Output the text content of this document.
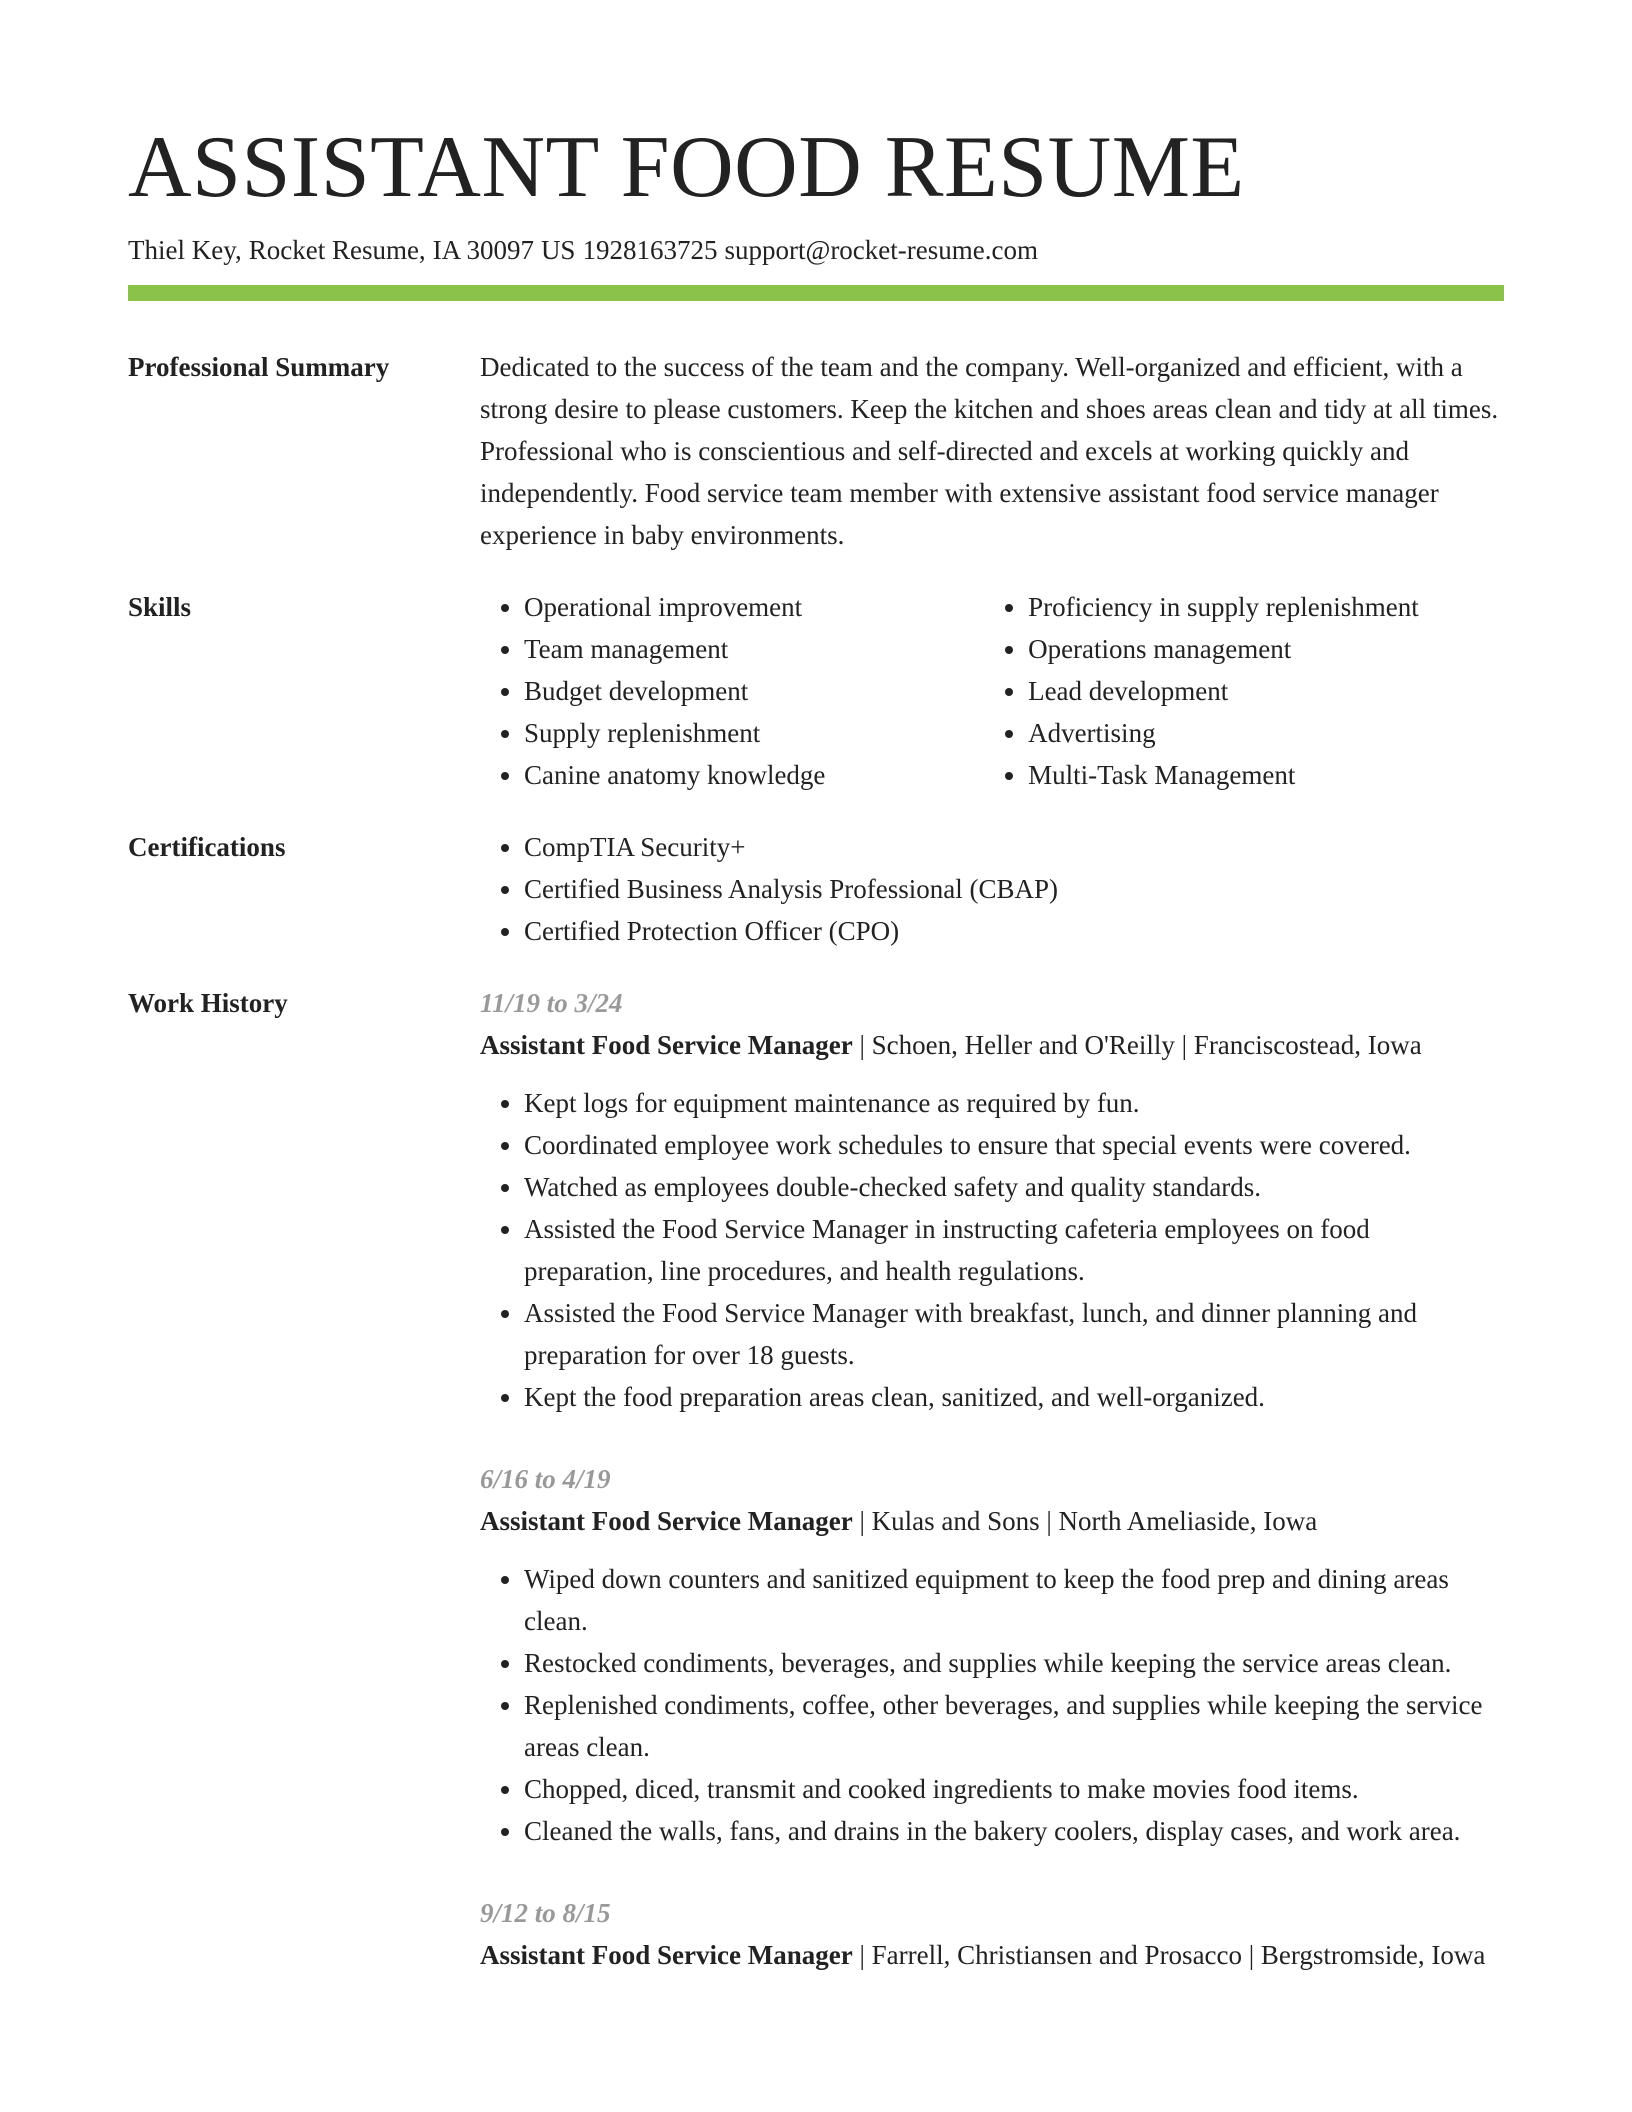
ASSISTANT FOOD RESUME
Thiel Key, Rocket Resume, IA 30097 US 1928163725 support@rocket-resume.com
Professional Summary	Dedicated to the success of the team and the company. Well-organized and efficient, with a strong desire to please customers. Keep the kitchen and shoes areas clean and tidy at all times. Professional who is conscientious and self-directed and excels at working quickly and independently. Food service team member with extensive assistant food service manager experience in baby environments.

Skills	• Operational improvement
• Team management
• Budget development
• Supply replenishment
• Canine anatomy knowledge
• Proficiency in supply replenishment
• Operations management
• Lead development
• Advertising
• Multi-Task Management
Certifications	• CompTIA Security+
• Certified Business Analysis Professional (CBAP)
• Certified Protection Officer (CPO)
Work History	11/19 to 3/24
Assistant Food Service Manager | Schoen, Heller and O'Reilly | Franciscostead, Iowa
• Kept logs for equipment maintenance as required by fun.
• Coordinated employee work schedules to ensure that special events were covered.
• Watched as employees double-checked safety and quality standards.
• Assisted the Food Service Manager in instructing cafeteria employees on food preparation, line procedures, and health regulations.
• Assisted the Food Service Manager with breakfast, lunch, and dinner planning and preparation for over 18 guests.
• Kept the food preparation areas clean, sanitized, and well-organized.
6/16 to 4/19
Assistant Food Service Manager | Kulas and Sons | North Ameliaside, Iowa
• Wiped down counters and sanitized equipment to keep the food prep and dining areas clean.
• Restocked condiments, beverages, and supplies while keeping the service areas clean.
• Replenished condiments, coffee, other beverages, and supplies while keeping the service areas clean.
• Chopped, diced, transmit and cooked ingredients to make movies food items.
• Cleaned the walls, fans, and drains in the bakery coolers, display cases, and work area.
9/12 to 8/15
Assistant Food Service Manager | Farrell, Christiansen and Prosacco | Bergstromside, Iowa
